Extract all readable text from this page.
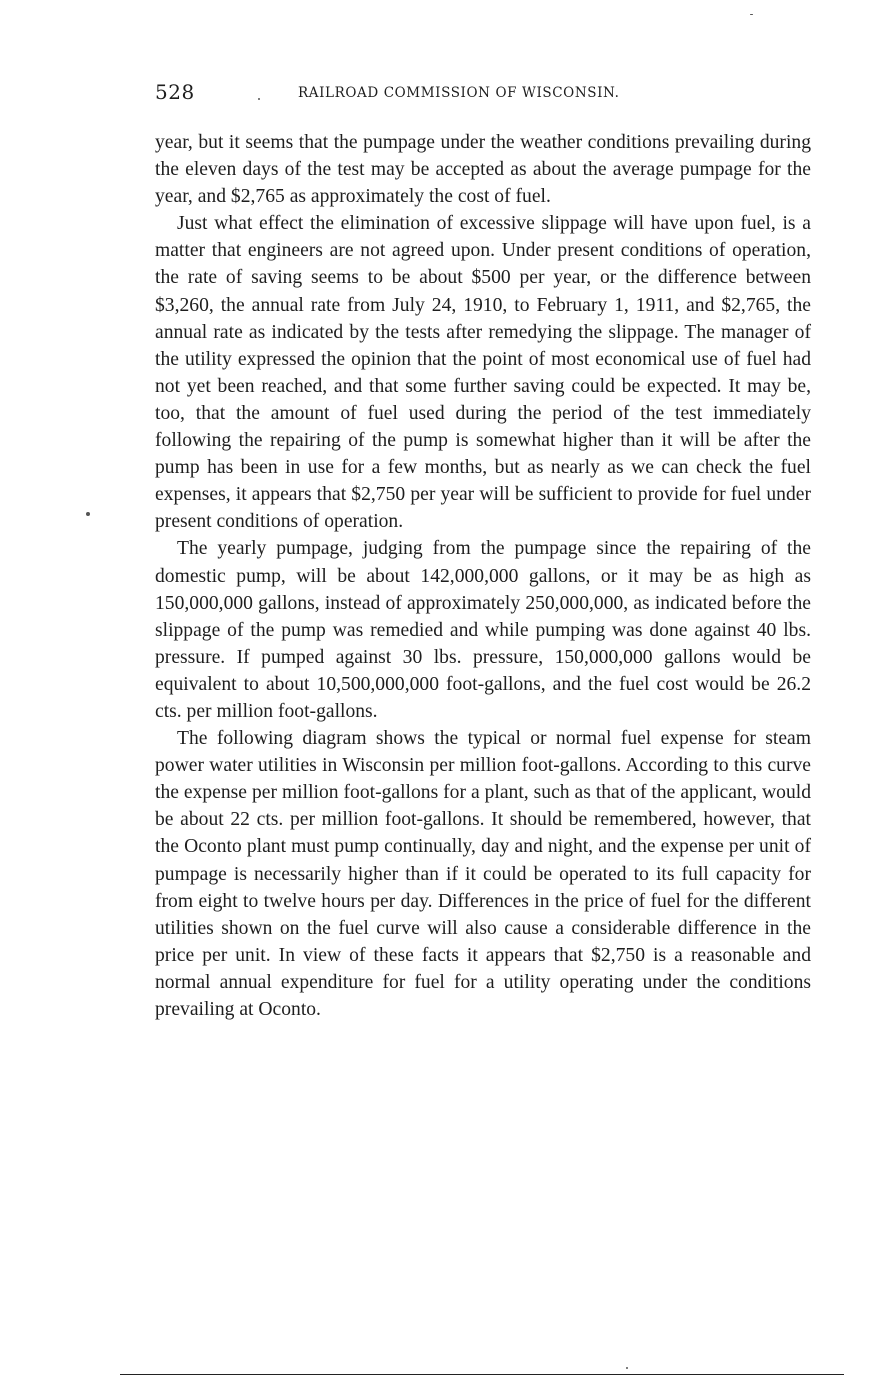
528	RAILROAD COMMISSION OF WISCONSIN.

year, but it seems that the pumpage under the weather conditions prevailing during the eleven days of the test may be accepted as about the average pumpage for the year, and $2,765 as approximately the cost of fuel.

Just what effect the elimination of excessive slippage will have upon fuel, is a matter that engineers are not agreed upon. Under present conditions of operation, the rate of saving seems to be about $500 per year, or the difference between $3,260, the annual rate from July 24, 1910, to February 1, 1911, and $2,765, the annual rate as indicated by the tests after remedying the slippage. The manager of the utility expressed the opinion that the point of most economical use of fuel had not yet been reached, and that some further saving could be expected. It may be, too, that the amount of fuel used during the period of the test immediately following the repairing of the pump is somewhat higher than it will be after the pump has been in use for a few months, but as nearly as we can check the fuel expenses, it appears that $2,750 per year will be sufficient to provide for fuel under present conditions of operation.

The yearly pumpage, judging from the pumpage since the repairing of the domestic pump, will be about 142,000,000 gallons, or it may be as high as 150,000,000 gallons, instead of approximately 250,000,000, as indicated before the slippage of the pump was remedied and while pumping was done against 40 lbs. pressure. If pumped against 30 lbs. pressure, 150,000,000 gallons would be equivalent to about 10,500,000,000 foot-gallons, and the fuel cost would be 26.2 cts. per million foot-gallons.

The following diagram shows the typical or normal fuel expense for steam power water utilities in Wisconsin per million foot-gallons. According to this curve the expense per million foot-gallons for a plant, such as that of the applicant, would be about 22 cts. per million foot-gallons. It should be remembered, however, that the Oconto plant must pump continually, day and night, and the expense per unit of pumpage is necessarily higher than if it could be operated to its full capacity for from eight to twelve hours per day. Differences in the price of fuel for the different utilities shown on the fuel curve will also cause a considerable difference in the price per unit. In view of these facts it appears that $2,750 is a reasonable and normal annual expenditure for fuel for a utility operating under the conditions prevailing at Oconto.
